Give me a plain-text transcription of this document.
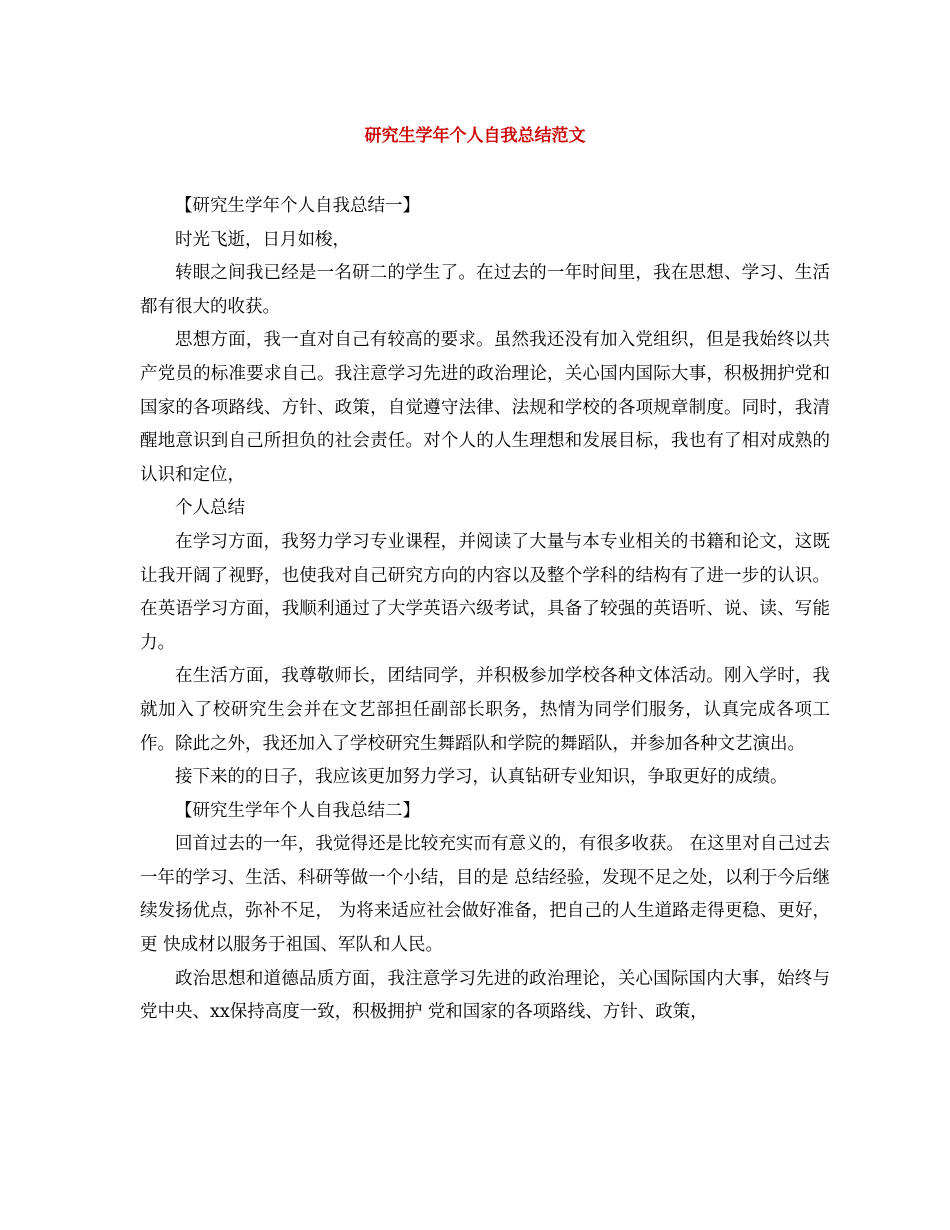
研究生学年个人自我总结范文

【研究生学年个人自我总结一】

时光飞逝，日月如梭，

转眼之间我已经是一名研二的学生了。在过去的一年时间里，我在思想、学习、生活都有很大的收获。

思想方面，我一直对自己有较高的要求。虽然我还没有加入党组织，但是我始终以共产党员的标准要求自己。我注意学习先进的政治理论，关心国内国际大事，积极拥护党和国家的各项路线、方针、政策，自觉遵守法律、法规和学校的各项规章制度。同时，我清醒地意识到自己所担负的社会责任。对个人的人生理想和发展目标，我也有了相对成熟的认识和定位，

个人总结

在学习方面，我努力学习专业课程，并阅读了大量与本专业相关的书籍和论文，这既让我开阔了视野，也使我对自己研究方向的内容以及整个学科的结构有了进一步的认识。在英语学习方面，我顺利通过了大学英语六级考试，具备了较强的英语听、说、读、写能力。

在生活方面，我尊敬师长，团结同学，并积极参加学校各种文体活动。刚入学时，我就加入了校研究生会并在文艺部担任副部长职务，热情为同学们服务，认真完成各项工作。除此之外，我还加入了学校研究生舞蹈队和学院的舞蹈队，并参加各种文艺演出。

接下来的的日子，我应该更加努力学习，认真钻研专业知识，争取更好的成绩。

【研究生学年个人自我总结二】

回首过去的一年，我觉得还是比较充实而有意义的，有很多收获。 在这里对自己过去一年的学习、生活、科研等做一个小结，目的是 总结经验，发现不足之处，以利于今后继续发扬优点，弥补不足， 为将来适应社会做好准备，把自己的人生道路走得更稳、更好，更 快成材以服务于祖国、军队和人民。

政治思想和道德品质方面，我注意学习先进的政治理论，关心国际国内大事，始终与党中央、xx保持高度一致，积极拥护 党和国家的各项路线、方针、政策，
